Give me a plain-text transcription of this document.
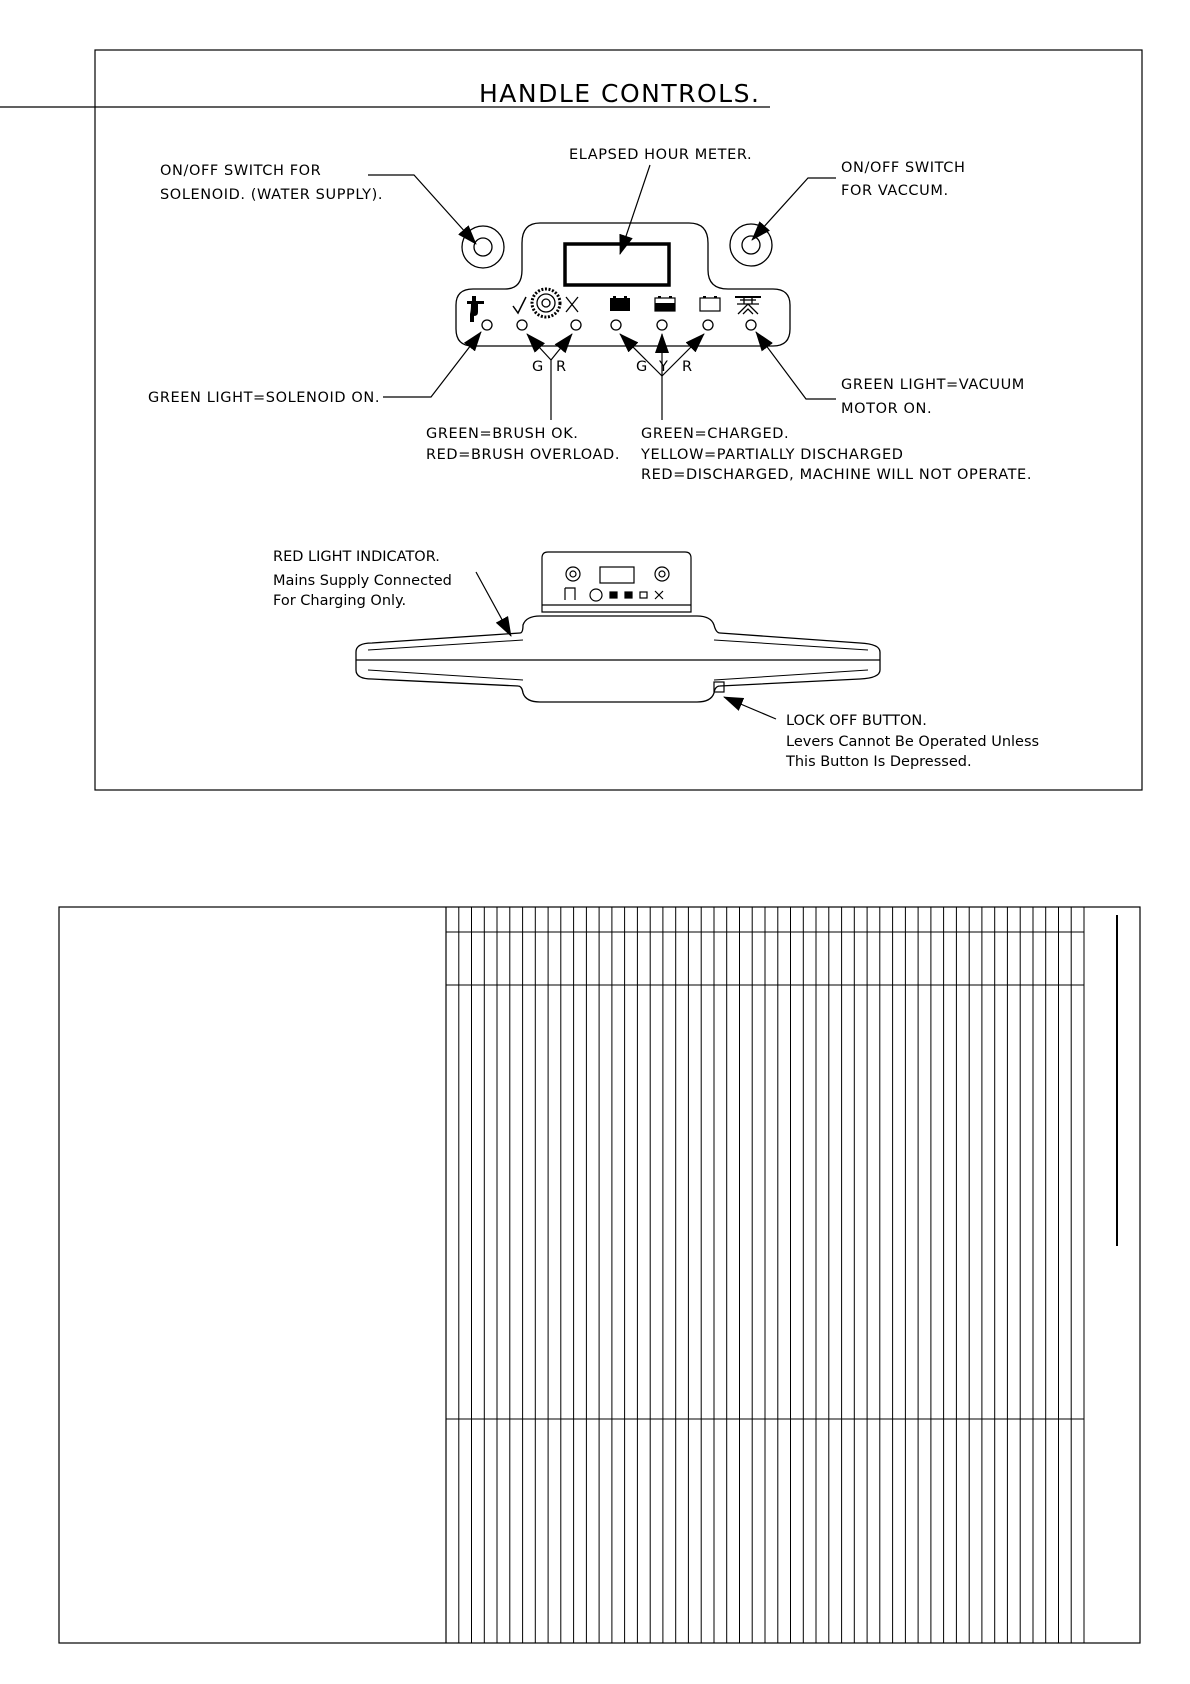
HANDLE CONTROLS.
ON/OFF SWITCH FOR SOLENOID. (WATER SUPPLY).
ELAPSED HOUR METER.
ON/OFF SWITCH FOR VACCUM.
G R	G Y R
GREEN LIGHT=SOLENOID ON.
GREEN LIGHT=VACUUM MOTOR ON.
GREEN=BRUSH OK. RED=BRUSH OVERLOAD.
GREEN=CHARGED. YELLOW=PARTIALLY DISCHARGED RED=DISCHARGED, MACHINE WILL NOT OPERATE.
RED LIGHT INDICATOR. Mains Supply Connected For Charging Only.
LOCK OFF BUTTON. Levers Cannot Be Operated Unless This Button Is Depressed.
